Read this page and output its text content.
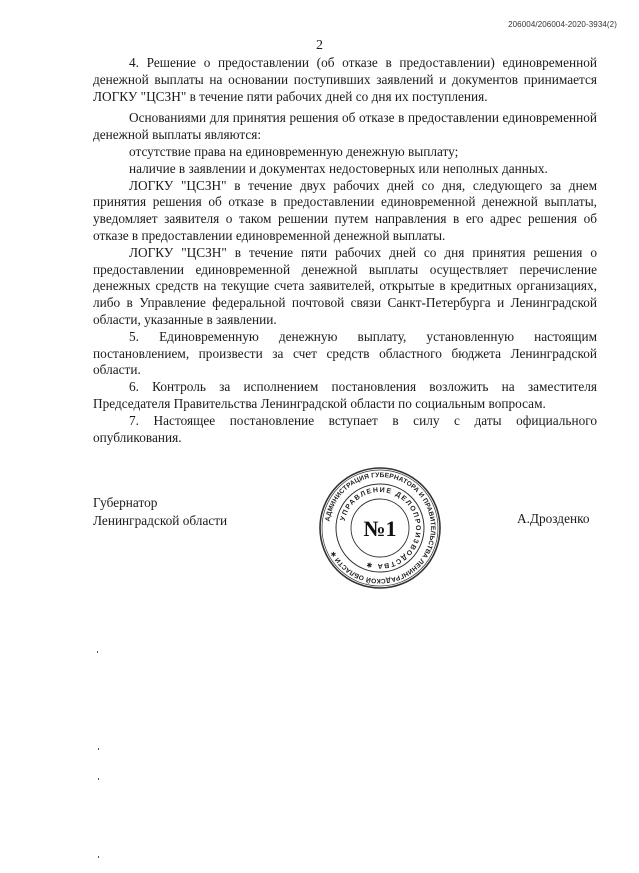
206004/206004-2020-3934(2)
2

4. Решение о предоставлении (об отказе в предоставлении) единовременной денежной выплаты на основании поступивших заявлений и документов принимается ЛОГКУ "ЦСЗН" в течение пяти рабочих дней со дня их поступления.

Основаниями для принятия решения об отказе в предоставлении единовременной денежной выплаты являются:

отсутствие права на единовременную денежную выплату;

наличие в заявлении и документах недостоверных или неполных данных.

ЛОГКУ "ЦСЗН" в течение двух рабочих дней со дня, следующего за днем принятия решения об отказе в предоставлении единовременной денежной выплаты, уведомляет заявителя о таком решении путем направления в его адрес решения об отказе в предоставлении единовременной денежной выплаты.

ЛОГКУ "ЦСЗН" в течение пяти рабочих дней со дня принятия решения о предоставлении единовременной денежной выплаты осуществляет перечисление денежных средств на текущие счета заявителей, открытые в кредитных организациях, либо в Управление федеральной почтовой связи Санкт-Петербурга и Ленинградской области, указанные в заявлении.

5. Единовременную денежную выплату, установленную настоящим постановлением, произвести за счет средств областного бюджета Ленинградской области.

6. Контроль за исполнением постановления возложить на заместителя Председателя Правительства Ленинградской области по социальным вопросам.

7. Настоящее постановление вступает в силу с даты официального опубликования.

Губернатор
Ленинградской области	А.Дрозденко
АДМИНИСТРАЦИЯ ГУБЕРНАТОРА И ПРАВИТЕЛЬСТВА ЛЕНИНГРАДСКОЙ ОБЛАСТИ ✱
УПРАВЛЕНИЕ ДЕЛОПРОИЗВОДСТВА ✱
№1
